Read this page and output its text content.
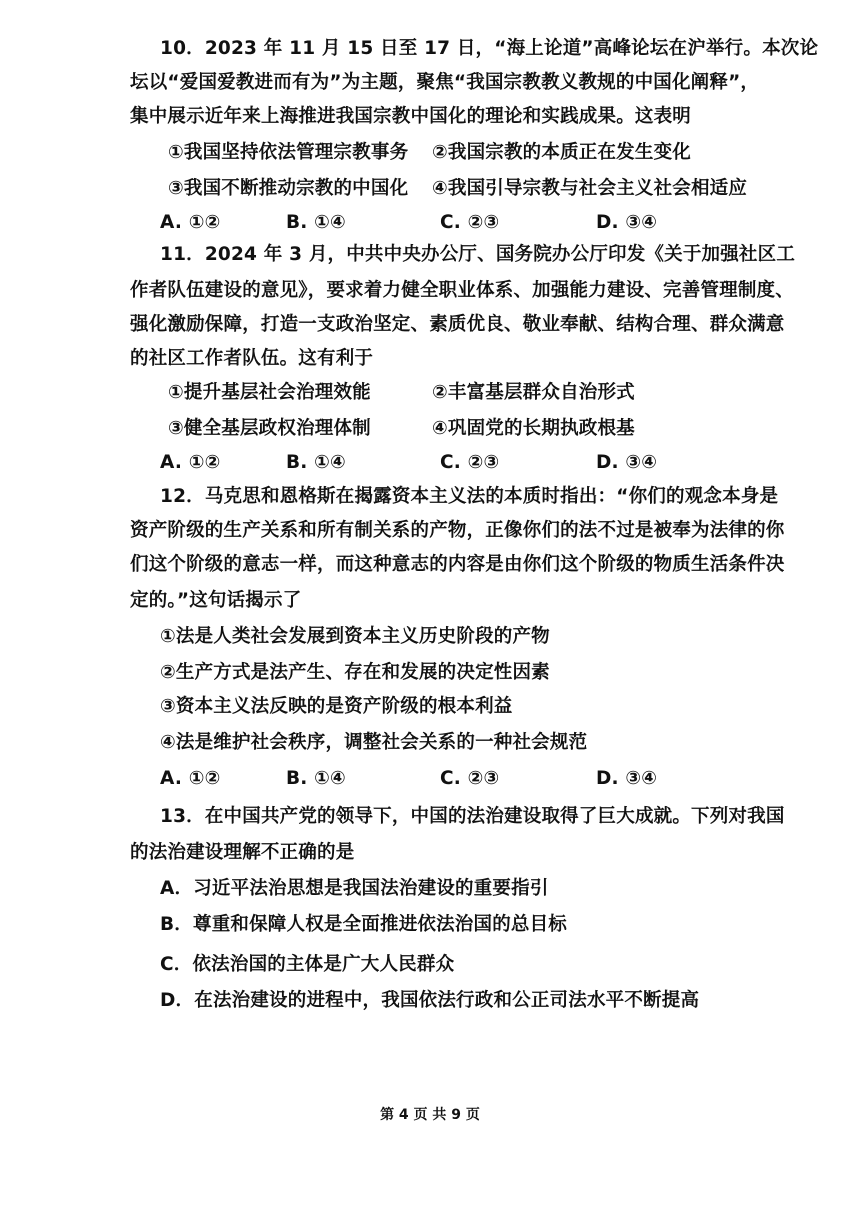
10．2023 年 11 月 15 日至 17 日，“海上论道”高峰论坛在沪举行。本次论
坛以“爱国爱教进而有为”为主题，聚焦“我国宗教教义教规的中国化阐释”，
集中展示近年来上海推进我国宗教中国化的理论和实践成果。这表明
①我国坚持依法管理宗教事务 ②我国宗教的本质正在发生变化
③我国不断推动宗教的中国化 ④我国引导宗教与社会主义社会相适应
A. ①②	B. ①④	C. ②③	D. ③④
11．2024 年 3 月，中共中央办公厅、国务院办公厅印发《关于加强社区工
作者队伍建设的意见》，要求着力健全职业体系、加强能力建设、完善管理制度、
强化激励保障，打造一支政治坚定、素质优良、敬业奉献、结构合理、群众满意
的社区工作者队伍。这有利于
①提升基层社会治理效能	②丰富基层群众自治形式
③健全基层政权治理体制	④巩固党的长期执政根基
A. ①②	B. ①④	C. ②③	D. ③④
12．马克思和恩格斯在揭露资本主义法的本质时指出：“你们的观念本身是
资产阶级的生产关系和所有制关系的产物，正像你们的法不过是被奉为法律的你
们这个阶级的意志一样，而这种意志的内容是由你们这个阶级的物质生活条件决
定的。”这句话揭示了
①法是人类社会发展到资本主义历史阶段的产物
②生产方式是法产生、存在和发展的决定性因素
③资本主义法反映的是资产阶级的根本利益
④法是维护社会秩序，调整社会关系的一种社会规范
A. ①②	B. ①④	C. ②③	D. ③④
13．在中国共产党的领导下，中国的法治建设取得了巨大成就。下列对我国
的法治建设理解不正确的是
A．习近平法治思想是我国法治建设的重要指引
B．尊重和保障人权是全面推进依法治国的总目标
C．依法治国的主体是广大人民群众
D．在法治建设的进程中，我国依法行政和公正司法水平不断提高
第 4 页 共 9 页
